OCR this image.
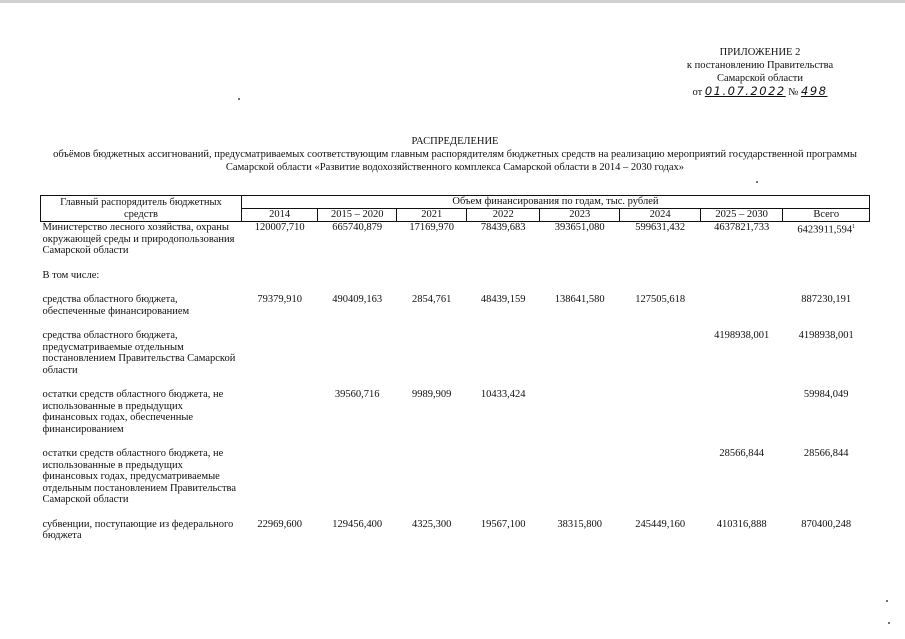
ПРИЛОЖЕНИЕ 2
к постановлению Правительства
Самарской области
от 01.07.2022 № 498
РАСПРЕДЕЛЕНИЕ
объёмов бюджетных ассигнований, предусматриваемых соответствующим главным распорядителям бюджетных средств на реализацию мероприятий государственной программы
Самарской области «Развитие водохозяйственного комплекса Самарской области в 2014 – 2030 годах»
Главный распорядитель бюджетных средств	Объем финансирования по годам, тыс. рублей							
	2014	2015 – 2020	2021	2022	2023	2024	2025 – 2030	Всего
Министерство лесного хозяйства, охраны окружающей среды и природопользования Самарской области	120007,710	665740,879	17169,970	78439,683	393651,080	599631,432	4637821,733	6423911,594$^1$

В том числе:								

средства областного бюджета, обеспеченные финансированием	79379,910	490409,163	2854,761	48439,159	138641,580	127505,618		887230,191

средства областного бюджета, предусматриваемые отдельным постановлением Правительства Самарской области							4198938,001	4198938,001

остатки средств областного бюджета, не использованные в предыдущих финансовых годах, обеспеченные финансированием		39560,716	9989,909	10433,424				59984,049

остатки средств областного бюджета, не использованные в предыдущих финансовых годах, предусматриваемые отдельным постановлением Правительства Самарской области							28566,844	28566,844

субвенции, поступающие из федерального бюджета	22969,600	129456,400	4325,300	19567,100	38315,800	245449,160	410316,888	870400,248
